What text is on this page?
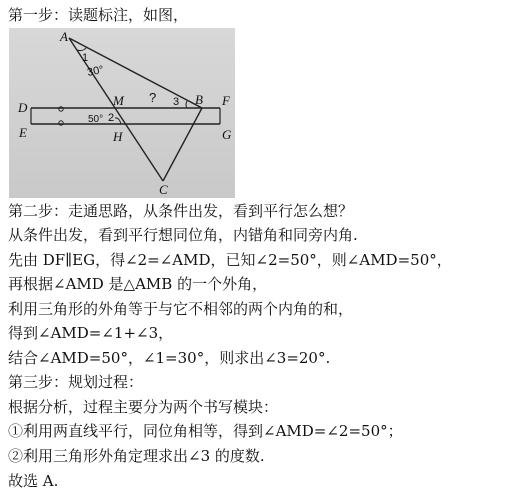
第一步：读题标注，如图，
A
B
C
D
E
F
G
H
M
1
30°
3
?
2
50°
第二步：走通思路，从条件出发，看到平行怎么想？
从条件出发，看到平行想同位角，内错角和同旁内角.
先由 DF∥EG，得∠2=∠AMD，已知∠2=50°，则∠AMD=50°，
再根据∠AMD 是△AMB 的一个外角，
利用三角形的外角等于与它不相邻的两个内角的和，
得到∠AMD=∠1+∠3，
结合∠AMD=50°，∠1=30°，则求出∠3=20°.
第三步：规划过程：
根据分析，过程主要分为两个书写模块：
①利用两直线平行，同位角相等，得到∠AMD=∠2=50°；
②利用三角形外角定理求出∠3 的度数.
故选 A.
